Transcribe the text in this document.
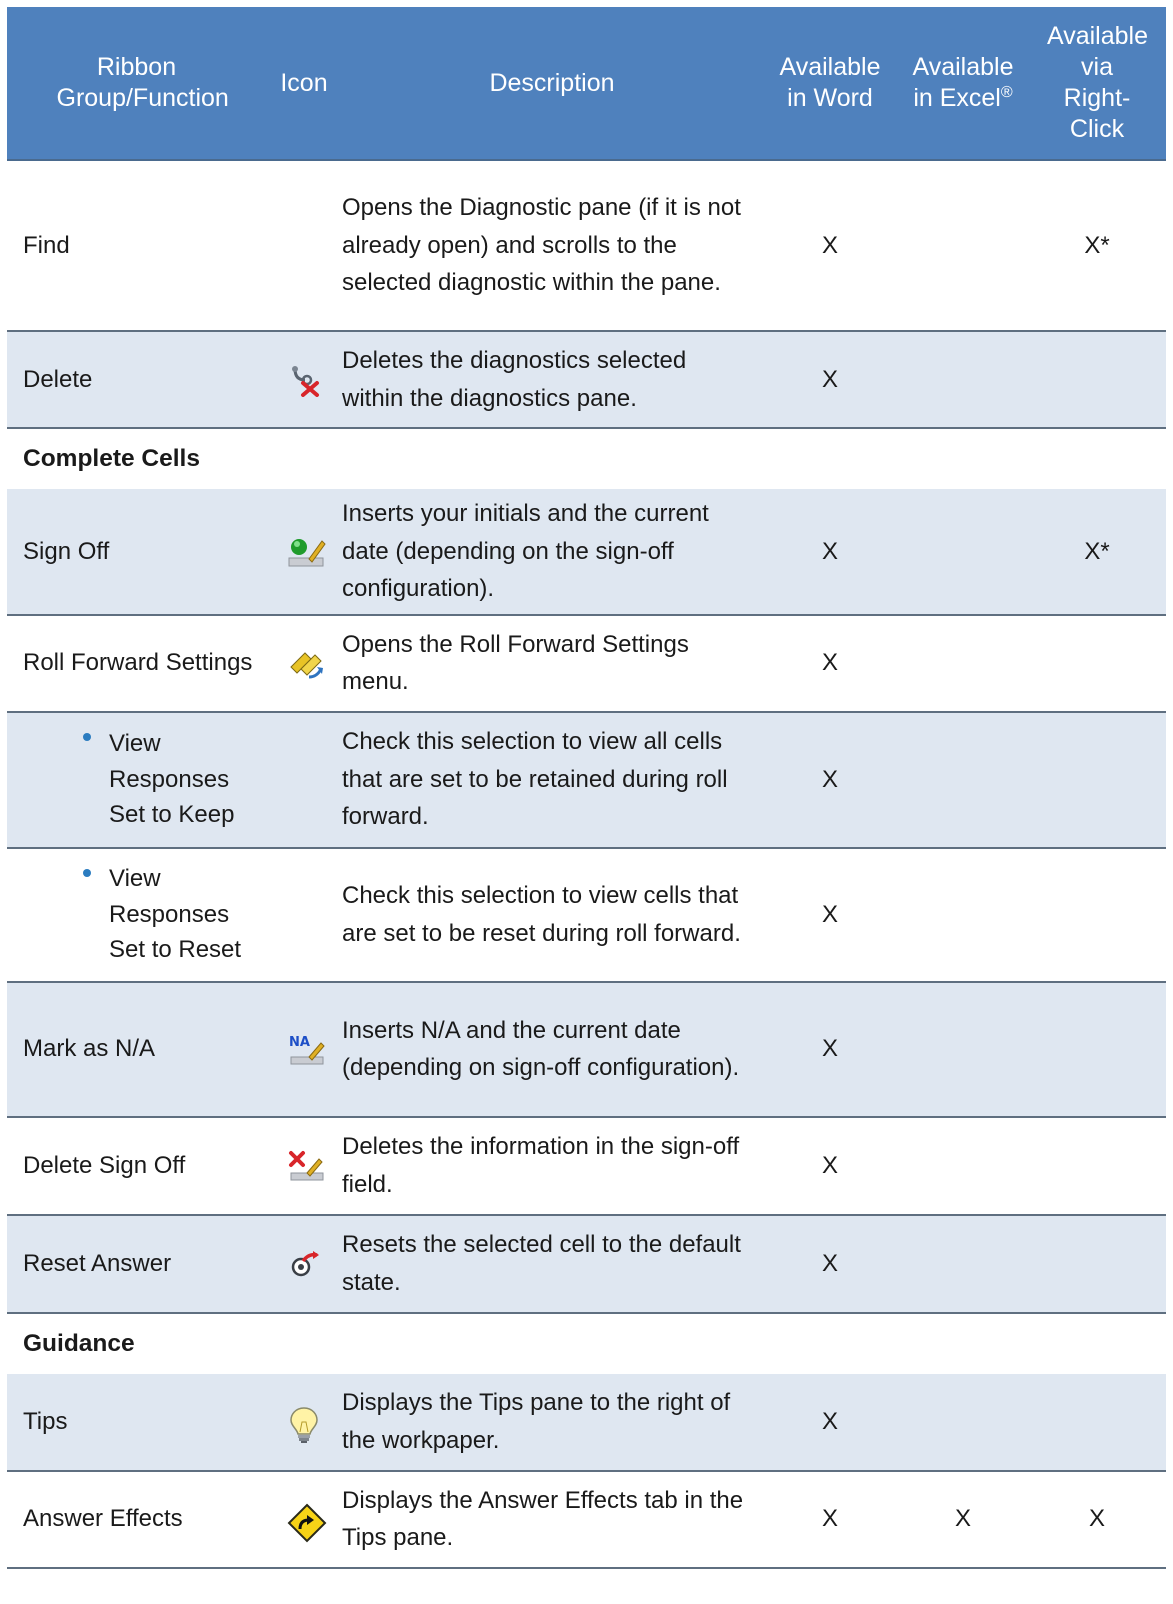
Ribbon Group/Function	Icon	Description	Available in Word	Available in Excel®	Available via Right-Click
Find		Opens the Diagnostic pane (if it is not already open) and scrolls to the selected diagnostic within the pane.	X		X*
Delete		Deletes the diagnostics selected within the diagnostics pane.	X		
Complete Cells					
Sign Off		Inserts your initials and the current date (depending on the sign-off configuration).	X		X*
Roll Forward Settings		Opens the Roll Forward Settings menu.	X		

View Responses Set to Keep		Check this selection to view all cells that are set to be retained during roll forward.	X		

View Responses Set to Reset		Check this selection to view cells that are set to be reset during roll forward.	X		
Mark as N/A	NA	Inserts N/A and the current date (depending on sign-off configuration).	X		
Delete Sign Off		Deletes the information in the sign-off field.	X		
Reset Answer		Resets the selected cell to the default state.	X		
Guidance					
Tips		Displays the Tips pane to the right of the workpaper.	X		
Answer Effects		Displays the Answer Effects tab in the Tips pane.	X	X	X
